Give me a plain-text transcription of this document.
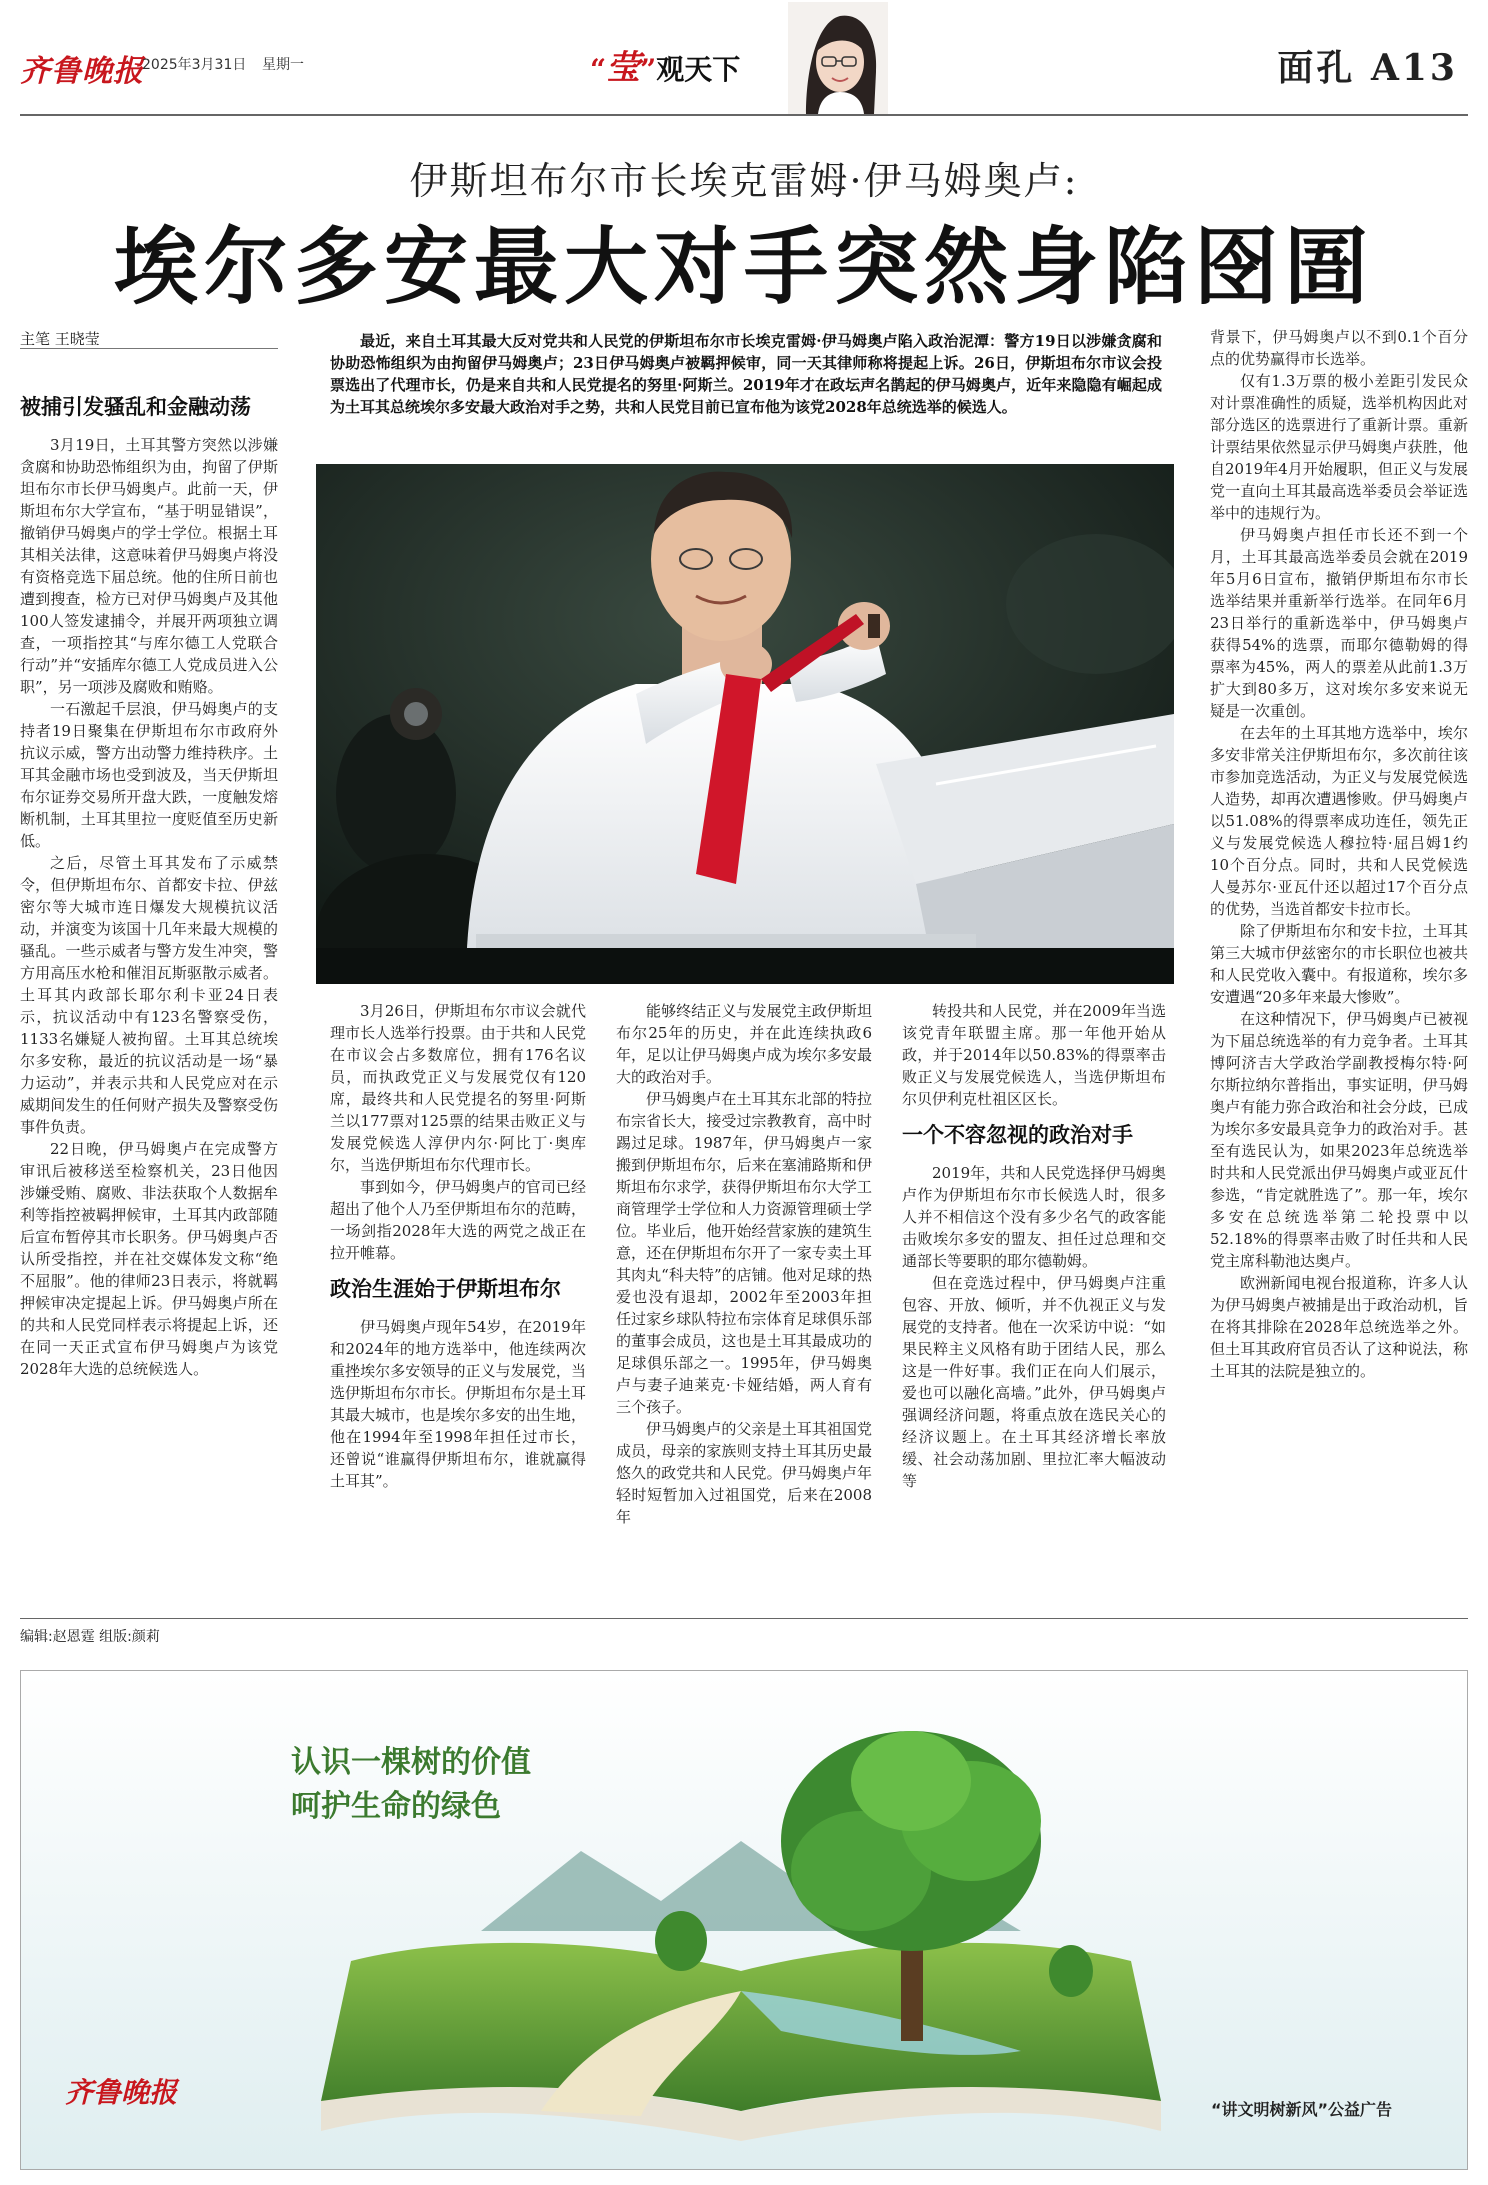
齐鲁晚报
2025年3月31日 星期一	“莹”观天下	面孔 A13
伊斯坦布尔市长埃克雷姆·伊马姆奥卢:
埃尔多安最大对手突然身陷囹圄
主笔 王晓莹	最近，来自土耳其最大反对党共和人民党的伊斯坦布尔市长埃克雷姆·伊马姆奥卢陷入政治泥潭：警方19日以涉嫌贪腐和协助恐怖组织为由拘留伊马姆奥卢；23日伊马姆奥卢被羁押候审，同一天其律师称将提起上诉。26日，伊斯坦布尔市议会投票选出了代理市长，仍是来自共和人民党提名的努里·阿斯兰。2019年才在政坛声名鹊起的伊马姆奥卢，近年来隐隐有崛起成为土耳其总统埃尔多安最大政治对手之势，共和人民党目前已宣布他为该党2028年总统选举的候选人。
被捕引发骚乱和金融动荡

3月19日，土耳其警方突然以涉嫌贪腐和协助恐怖组织为由，拘留了伊斯坦布尔市长伊马姆奥卢。此前一天，伊斯坦布尔大学宣布，“基于明显错误”，撤销伊马姆奥卢的学士学位。根据土耳其相关法律，这意味着伊马姆奥卢将没有资格竞选下届总统。他的住所日前也遭到搜查，检方已对伊马姆奥卢及其他100人签发逮捕令，并展开两项独立调查，一项指控其“与库尔德工人党联合行动”并“安插库尔德工人党成员进入公职”，另一项涉及腐败和贿赂。

一石激起千层浪，伊马姆奥卢的支持者19日聚集在伊斯坦布尔市政府外抗议示威，警方出动警力维持秩序。土耳其金融市场也受到波及，当天伊斯坦布尔证券交易所开盘大跌，一度触发熔断机制，土耳其里拉一度贬值至历史新低。

之后，尽管土耳其发布了示威禁令，但伊斯坦布尔、首都安卡拉、伊兹密尔等大城市连日爆发大规模抗议活动，并演变为该国十几年来最大规模的骚乱。一些示威者与警方发生冲突，警方用高压水枪和催泪瓦斯驱散示威者。土耳其内政部长耶尔利卡亚24日表示，抗议活动中有123名警察受伤，1133名嫌疑人被拘留。土耳其总统埃尔多安称，最近的抗议活动是一场“暴力运动”，并表示共和人民党应对在示威期间发生的任何财产损失及警察受伤事件负责。

22日晚，伊马姆奥卢在完成警方审讯后被移送至检察机关，23日他因涉嫌受贿、腐败、非法获取个人数据牟利等指控被羁押候审，土耳其内政部随后宣布暂停其市长职务。伊马姆奥卢否认所受指控，并在社交媒体发文称“绝不屈服”。他的律师23日表示，将就羁押候审决定提起上诉。伊马姆奥卢所在的共和人民党同样表示将提起上诉，还在同一天正式宣布伊马姆奥卢为该党2028年大选的总统候选人。

3月26日，伊斯坦布尔市议会就代理市长人选举行投票。由于共和人民党在市议会占多数席位，拥有176名议员，而执政党正义与发展党仅有120席，最终共和人民党提名的努里·阿斯兰以177票对125票的结果击败正义与发展党候选人淳伊内尔·阿比丁·奥库尔，当选伊斯坦布尔代理市长。

事到如今，伊马姆奥卢的官司已经超出了他个人乃至伊斯坦布尔的范畴，一场剑指2028年大选的两党之战正在拉开帷幕。

政治生涯始于伊斯坦布尔

伊马姆奥卢现年54岁，在2019年和2024年的地方选举中，他连续两次重挫埃尔多安领导的正义与发展党，当选伊斯坦布尔市长。伊斯坦布尔是土耳其最大城市，也是埃尔多安的出生地，他在1994年至1998年担任过市长，还曾说“谁赢得伊斯坦布尔，谁就赢得土耳其”。

能够终结正义与发展党主政伊斯坦布尔25年的历史，并在此连续执政6年，足以让伊马姆奥卢成为埃尔多安最大的政治对手。

伊马姆奥卢在土耳其东北部的特拉布宗省长大，接受过宗教教育，高中时踢过足球。1987年，伊马姆奥卢一家搬到伊斯坦布尔，后来在塞浦路斯和伊斯坦布尔求学，获得伊斯坦布尔大学工商管理学士学位和人力资源管理硕士学位。毕业后，他开始经营家族的建筑生意，还在伊斯坦布尔开了一家专卖土耳其肉丸“科夫特”的店铺。他对足球的热爱也没有退却，2002年至2003年担任过家乡球队特拉布宗体育足球俱乐部的董事会成员，这也是土耳其最成功的足球俱乐部之一。1995年，伊马姆奥卢与妻子迪莱克·卡娅结婚，两人育有三个孩子。

伊马姆奥卢的父亲是土耳其祖国党成员，母亲的家族则支持土耳其历史最悠久的政党共和人民党。伊马姆奥卢年轻时短暂加入过祖国党，后来在2008年

转投共和人民党，并在2009年当选该党青年联盟主席。那一年他开始从政，并于2014年以50.83%的得票率击败正义与发展党候选人，当选伊斯坦布尔贝伊利克杜祖区区长。

一个不容忽视的政治对手

2019年，共和人民党选择伊马姆奥卢作为伊斯坦布尔市长候选人时，很多人并不相信这个没有多少名气的政客能击败埃尔多安的盟友、担任过总理和交通部长等要职的耶尔德勒姆。

但在竞选过程中，伊马姆奥卢注重包容、开放、倾听，并不仇视正义与发展党的支持者。他在一次采访中说：“如果民粹主义风格有助于团结人民，那么这是一件好事。我们正在向人们展示，爱也可以融化高墙。”此外，伊马姆奥卢强调经济问题，将重点放在选民关心的经济议题上。在土耳其经济增长率放缓、社会动荡加剧、里拉汇率大幅波动等

背景下，伊马姆奥卢以不到0.1个百分点的优势赢得市长选举。

仅有1.3万票的极小差距引发民众对计票准确性的质疑，选举机构因此对部分选区的选票进行了重新计票。重新计票结果依然显示伊马姆奥卢获胜，他自2019年4月开始履职，但正义与发展党一直向土耳其最高选举委员会举证选举中的违规行为。

伊马姆奥卢担任市长还不到一个月，土耳其最高选举委员会就在2019年5月6日宣布，撤销伊斯坦布尔市长选举结果并重新举行选举。在同年6月23日举行的重新选举中，伊马姆奥卢获得54%的选票，而耶尔德勒姆的得票率为45%，两人的票差从此前1.3万扩大到80多万，这对埃尔多安来说无疑是一次重创。

在去年的土耳其地方选举中，埃尔多安非常关注伊斯坦布尔，多次前往该市参加竞选活动，为正义与发展党候选人造势，却再次遭遇惨败。伊马姆奥卢以51.08%的得票率成功连任，领先正义与发展党候选人穆拉特·屈吕姆1约10个百分点。同时，共和人民党候选人曼苏尔·亚瓦什还以超过17个百分点的优势，当选首都安卡拉市长。

除了伊斯坦布尔和安卡拉，土耳其第三大城市伊兹密尔的市长职位也被共和人民党收入囊中。有报道称，埃尔多安遭遇“20多年来最大惨败”。

在这种情况下，伊马姆奥卢已被视为下届总统选举的有力竞争者。土耳其博阿济吉大学政治学副教授梅尔特·阿尔斯拉纳尔普指出，事实证明，伊马姆奥卢有能力弥合政治和社会分歧，已成为埃尔多安最具竞争力的政治对手。甚至有选民认为，如果2023年总统选举时共和人民党派出伊马姆奥卢或亚瓦什参选，“肯定就胜选了”。那一年，埃尔多安在总统选举第二轮投票中以52.18%的得票率击败了时任共和人民党主席科勒池达奥卢。

欧洲新闻电视台报道称，许多人认为伊马姆奥卢被捕是出于政治动机，旨在将其排除在2028年总统选举之外。但土耳其政府官员否认了这种说法，称土耳其的法院是独立的。

编辑:赵恩霆 组版:颜莉
认识一棵树的价值
呵护生命的绿色
齐鲁晚报
“讲文明树新风”公益广告
